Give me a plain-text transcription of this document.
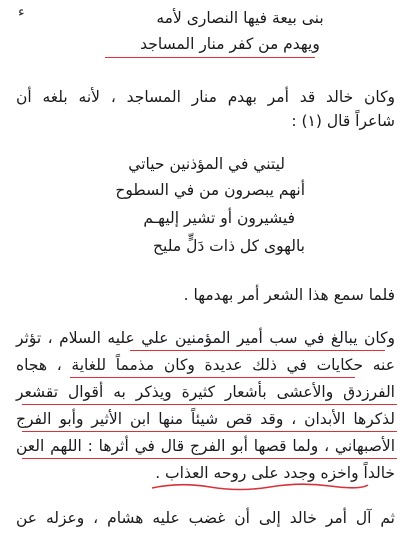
ء	بنى بيعة فيها النصارى لأمه
ويهدم من كفر منار المساجد
وكان خالد قد أمر بهدم منار المساجد ، لأنه بلغه أن
شاعراً قال (١) :
ليتني في المؤذنين حياتي
أنهم يبصرون من في السطوح
فيشيرون أو تشير إليهـم
بالهوى كل ذات دَلٍّ مليح
فلما سمع هذا الشعر أمر بهدمها .
وكان يبالغ في سب أمير المؤمنين علي عليه السلام ، تؤثر
عنه حكايات في ذلك عديدة وكان مذمماً للغاية ، هجاه
الفرزدق والأعشى بأشعار كثيرة ويذكر به أقوال تقشعر
لذكرها الأبدان ، وقد قص شيئاً منها ابن الأثير وأبو الفرج
الأصبهاني ، ولما قصها أبو الفرج قال في أثرها : اللهم العن
خالداً واخزه وجدد على روحه العذاب .
ثم آل أمر خالد إلى أن غضب عليه هشام ، وعزله عن
